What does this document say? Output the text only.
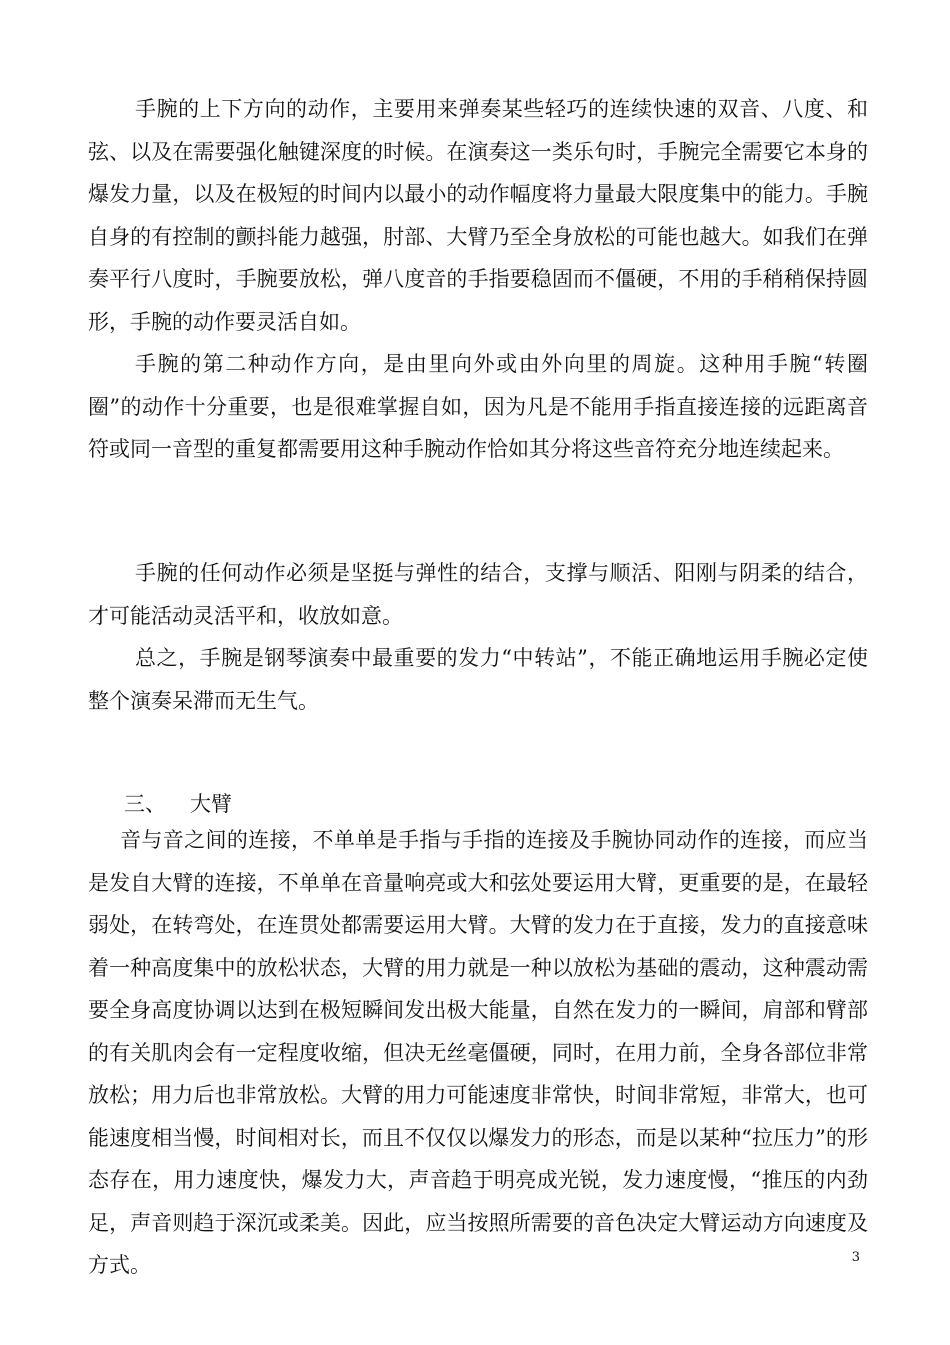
手腕的上下方向的动作，主要用来弹奏某些轻巧的连续快速的双音、八度、和弦、以及在需要强化触键深度的时候。在演奏这一类乐句时，手腕完全需要它本身的爆发力量，以及在极短的时间内以最小的动作幅度将力量最大限度集中的能力。手腕自身的有控制的颤抖能力越强，肘部、大臂乃至全身放松的可能也越大。如我们在弹奏平行八度时，手腕要放松，弹八度音的手指要稳固而不僵硬，不用的手稍稍保持圆形，手腕的动作要灵活自如。

手腕的第二种动作方向，是由里向外或由外向里的周旋。这种用手腕“转圈圈”的动作十分重要，也是很难掌握自如，因为凡是不能用手指直接连接的远距离音符或同一音型的重复都需要用这种手腕动作恰如其分将这些音符充分地连续起来。

手腕的任何动作必须是坚挺与弹性的结合，支撑与顺活、阳刚与阴柔的结合，才可能活动灵活平和，收放如意。

总之，手腕是钢琴演奏中最重要的发力“中转站”，不能正确地运用手腕必定使整个演奏呆滞而无生气。

三、 大臂

音与音之间的连接，不单单是手指与手指的连接及手腕协同动作的连接，而应当是发自大臂的连接，不单单在音量响亮或大和弦处要运用大臂，更重要的是，在最轻弱处，在转弯处，在连贯处都需要运用大臂。大臂的发力在于直接，发力的直接意味着一种高度集中的放松状态，大臂的用力就是一种以放松为基础的震动，这种震动需要全身高度协调以达到在极短瞬间发出极大能量，自然在发力的一瞬间，肩部和臂部的有关肌肉会有一定程度收缩，但决无丝毫僵硬，同时，在用力前，全身各部位非常放松；用力后也非常放松。大臂的用力可能速度非常快，时间非常短，非常大，也可能速度相当慢，时间相对长，而且不仅仅以爆发力的形态，而是以某种“拉压力”的形态存在，用力速度快，爆发力大，声音趋于明亮成光锐，发力速度慢，“推压的内劲足，声音则趋于深沉或柔美。因此，应当按照所需要的音色决定大臂运动方向速度及方式。	3
